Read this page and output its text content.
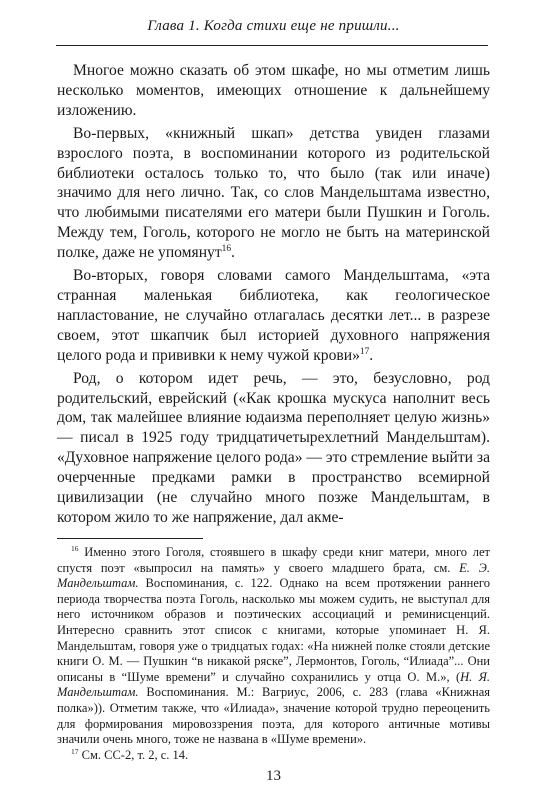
Глава 1. Когда стихи еще не пришли...

Многое можно сказать об этом шкафе, но мы отметим лишь несколько моментов, имеющих отношение к дальнейшему изложению.

Во-первых, «книжный шкап» детства увиден глазами взрослого поэта, в воспоминании которого из родительской библиотеки осталось только то, что было (так или иначе) значимо для него лично. Так, со слов Мандельштама известно, что любимыми писателями его матери были Пушкин и Гоголь. Между тем, Гоголь, которого не могло не быть на материнской полке, даже не упомянут$^{16}$.

Во-вторых, говоря словами самого Мандельштама, «эта странная маленькая библиотека, как геологическое напластование, не случайно отлагалась десятки лет... в разрезе своем, этот шкапчик был историей духовного напряжения целого рода и прививки к нему чужой крови»$^{17}$.

Род, о котором идет речь, — это, безусловно, род родительский, еврейский («Как крошка мускуса наполнит весь дом, так малейшее влияние юдаизма переполняет целую жизнь» — писал в 1925 году тридцатичетырехлетний Мандельштам). «Духовное напряжение целого рода» — это стремление выйти за очерченные предками рамки в пространство всемирной цивилизации (не случайно много позже Мандельштам, в котором жило то же напряжение, дал акме-

$^{16}$ Именно этого Гоголя, стоявшего в шкафу среди книг матери, много лет спустя поэт «выпросил на память» у своего младшего брата, см. Е. Э. Мандельштам. Воспоминания, с. 122. Однако на всем протяжении раннего периода творчества поэта Гоголь, насколько мы можем судить, не выступал для него источником образов и поэтических ассоциаций и реминисценций. Интересно сравнить этот список с книгами, которые упоминает Н. Я. Мандельштам, говоря уже о тридцатых годах: «На нижней полке стояли детские книги О. М. — Пушкин “в никакой ряске”, Лермонтов, Гоголь, “Илиада”... Они описаны в “Шуме времени” и случайно сохранились у отца О. М.», (Н. Я. Мандельштам. Воспоминания. М.: Вагриус, 2006, с. 283 (глава «Книжная полка»)). Отметим также, что «Илиада», значение которой трудно переоценить для формирования мировоззрения поэта, для которого античные мотивы значили очень много, тоже не названа в «Шуме времени».

$^{17}$ См. СС-2, т. 2, с. 14.

13
